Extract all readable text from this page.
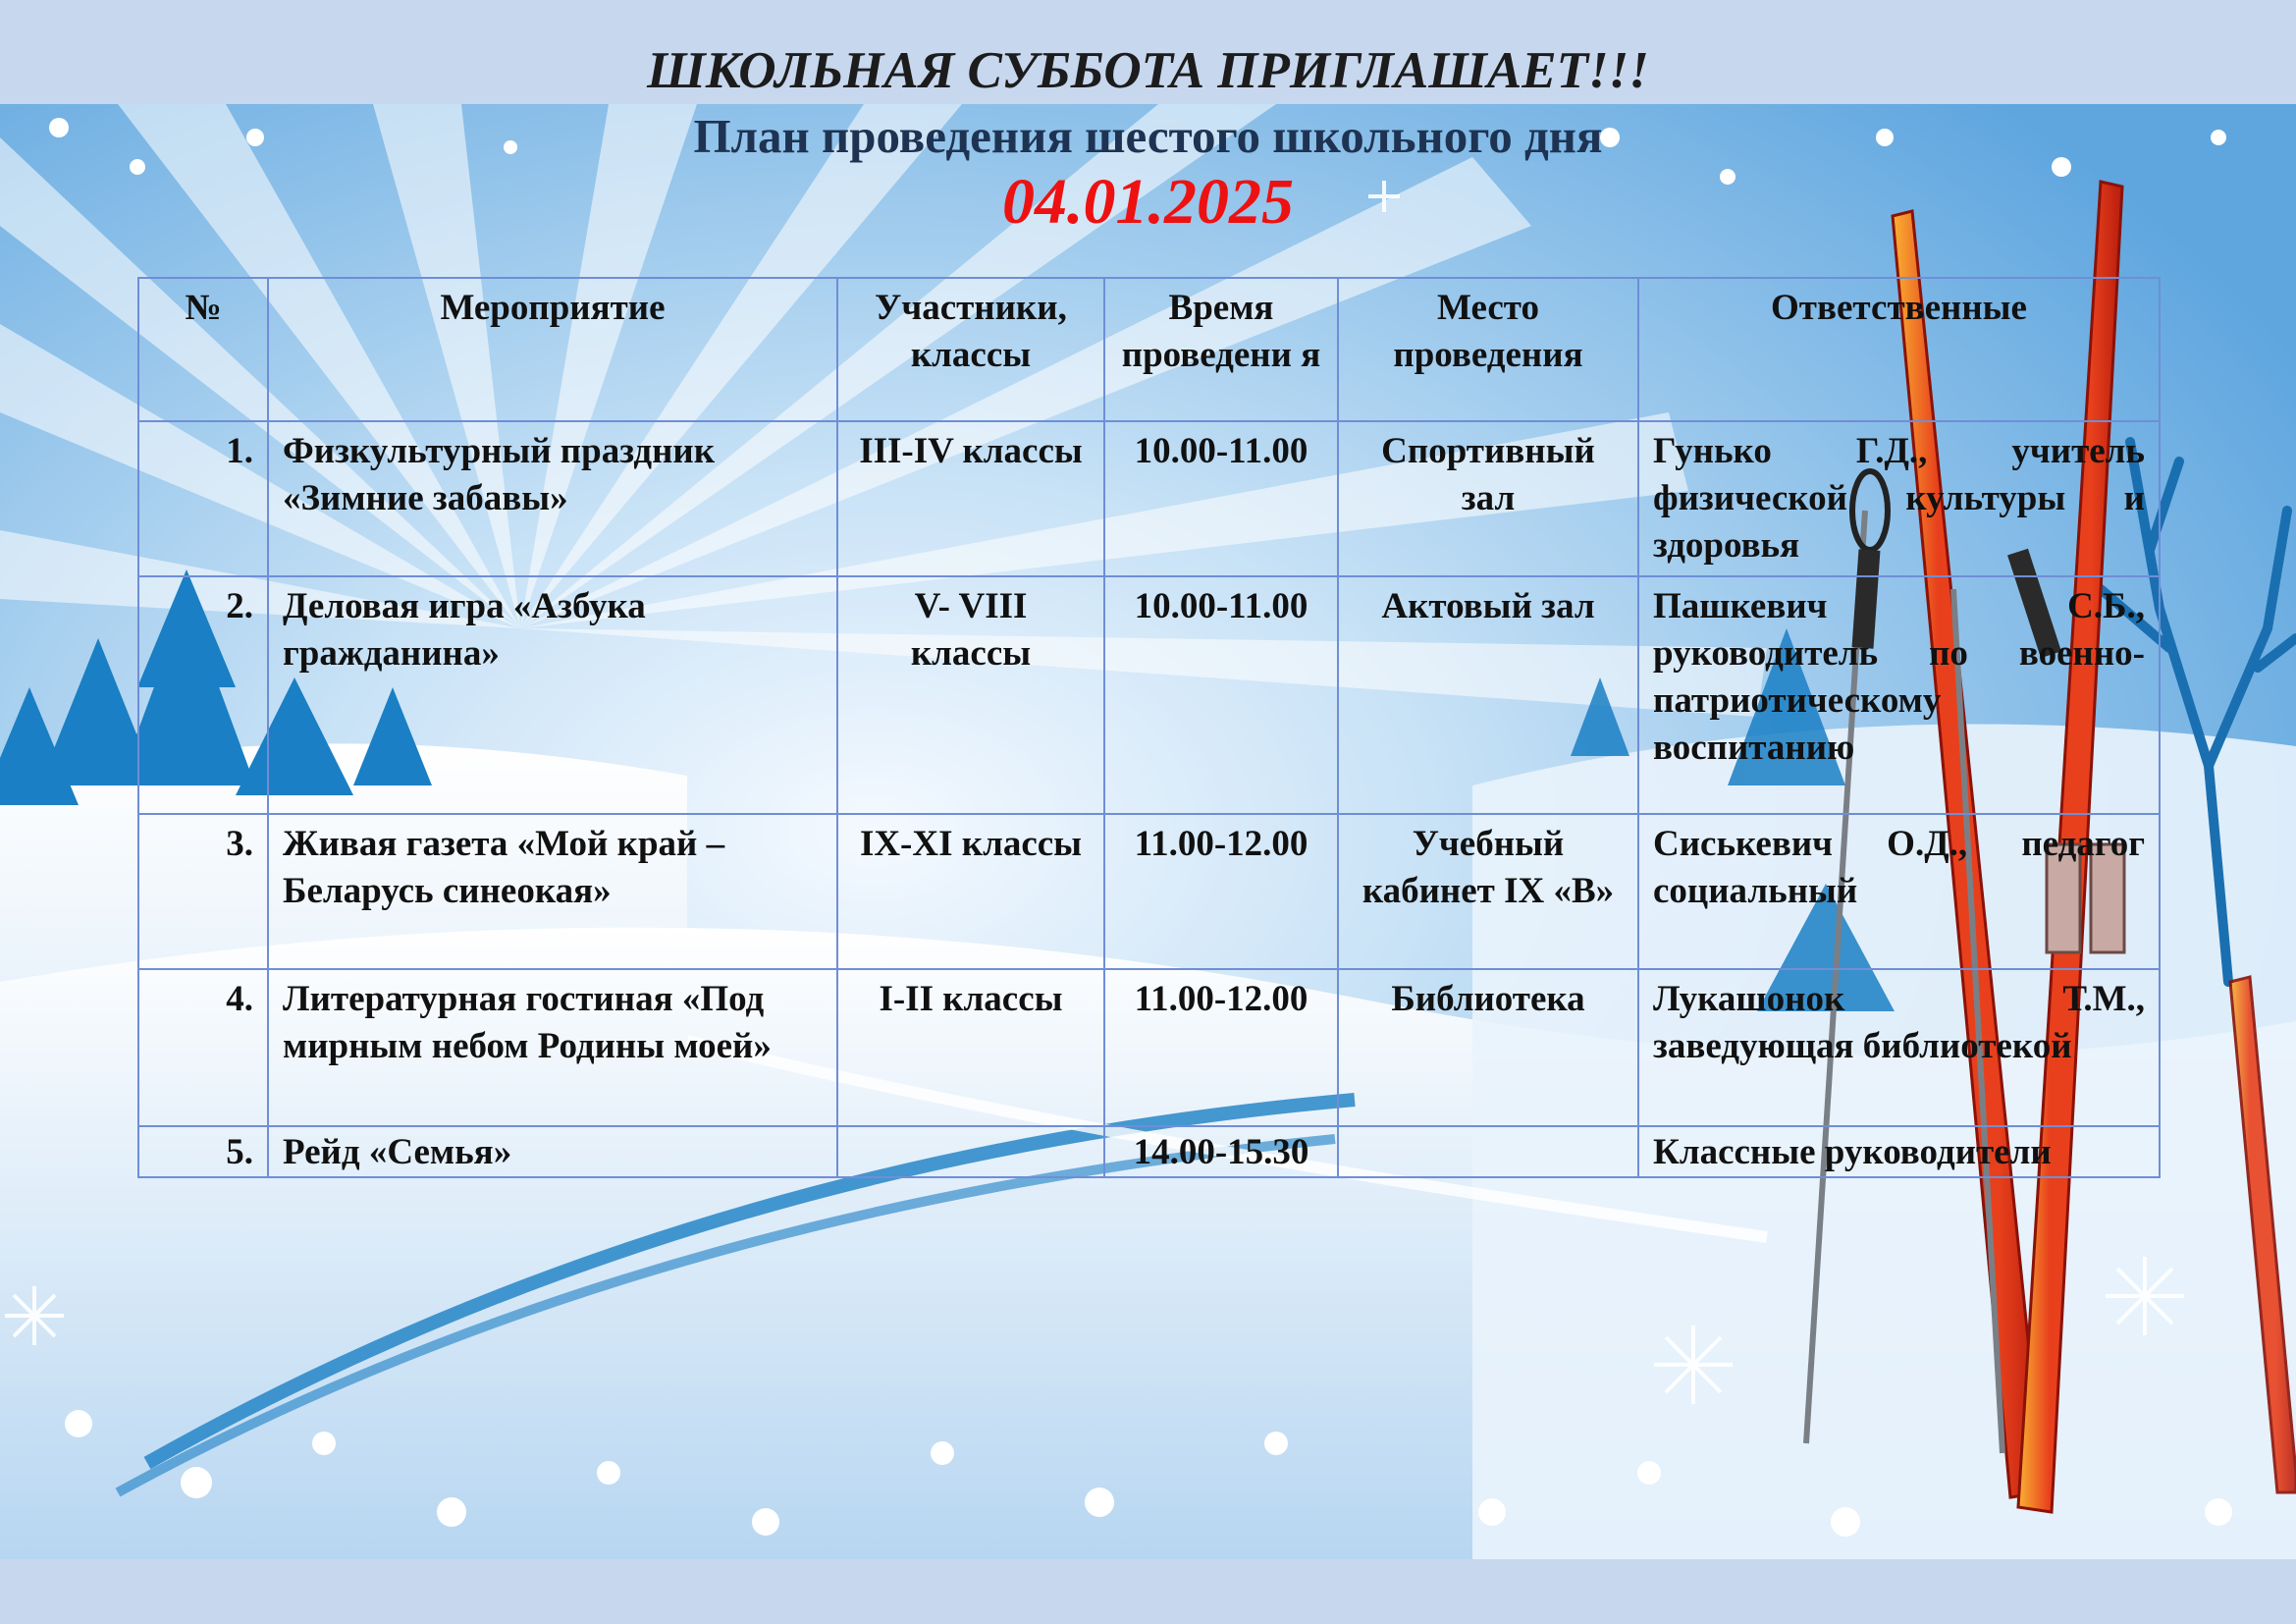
ШКОЛЬНАЯ СУББОТА ПРИГЛАШАЕТ!!!
План проведения шестого школьного дня
04.01.2025
№	Мероприятие	Участники, классы	Время проведени я	Место проведения	Ответственные
1.	Физкультурный праздник «Зимние забавы»	III-IV классы	10.00-11.00	Спортивный зал	Гунько Г.Д., учитель физической культуры и здоровья
2.	Деловая игра «Азбука гражданина»	V- VIII классы	10.00-11.00	Актовый зал	Пашкевич С.Б., руководитель по военно-патриотическому воспитанию
3.	Живая газета «Мой край – Беларусь синеокая»	IX-XI классы	11.00-12.00	Учебный кабинет IX «В»	Сиськевич О.Д., педагог социальный
4.	Литературная гостиная «Под мирным небом Родины моей»	I-II классы	11.00-12.00	Библиотека	Лукашонок Т.М., заведующая библиотекой
5.	Рейд «Семья»		14.00-15.30		Классные руководители
